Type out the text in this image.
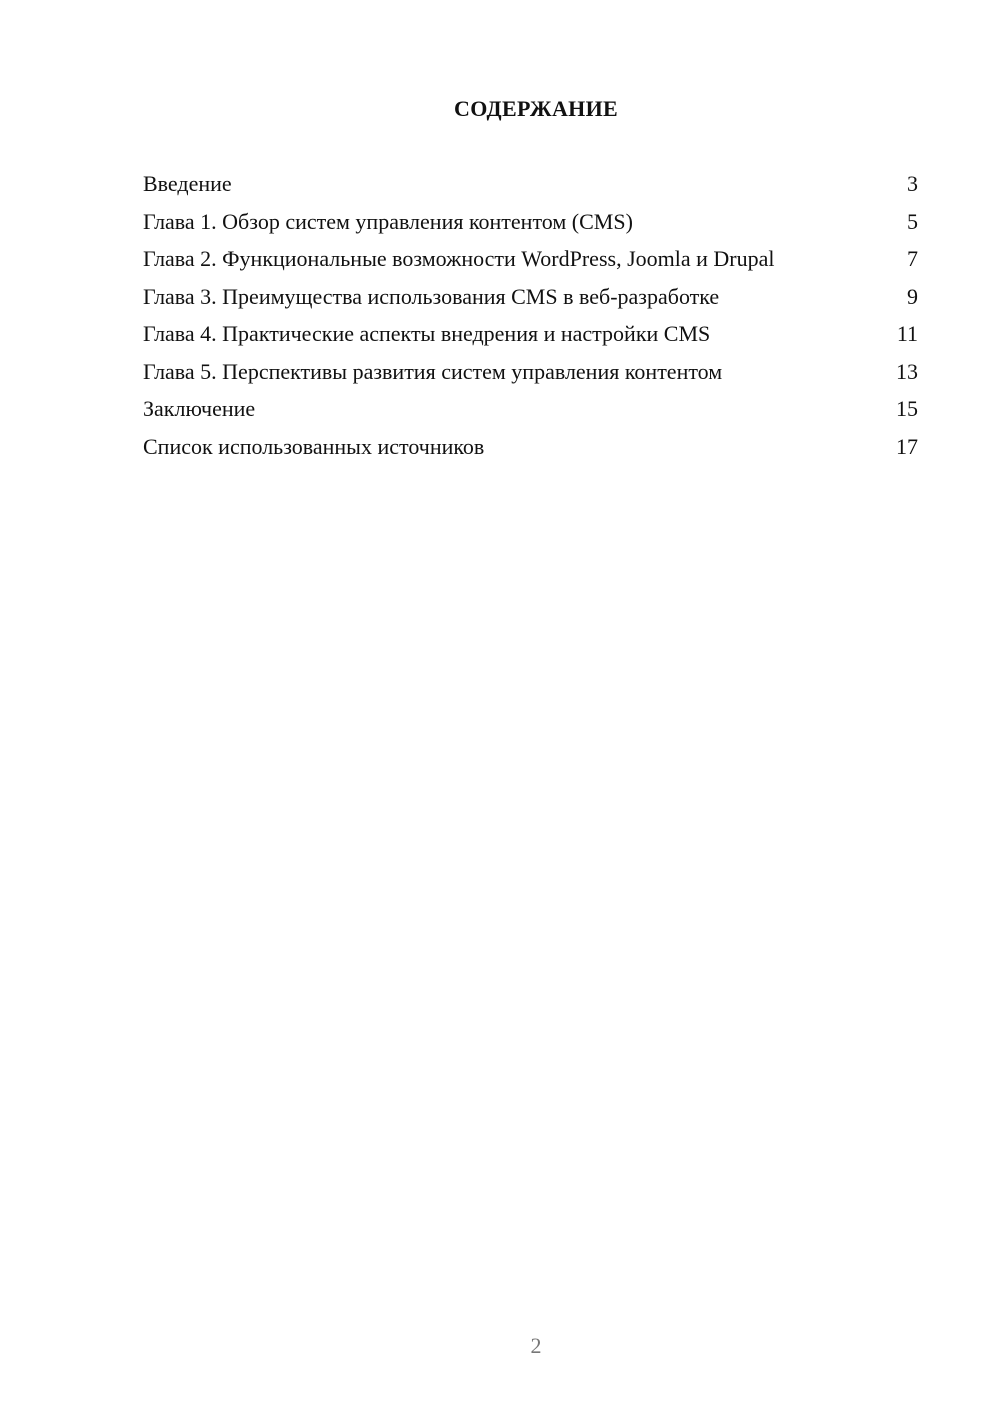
СОДЕРЖАНИЕ
Введение	3
Глава 1. Обзор систем управления контентом (CMS)	5
Глава 2. Функциональные возможности WordPress, Joomla и Drupal	7
Глава 3. Преимущества использования CMS в веб-разработке	9
Глава 4. Практические аспекты внедрения и настройки CMS	11
Глава 5. Перспективы развития систем управления контентом	13
Заключение	15
Список использованных источников	17
2
